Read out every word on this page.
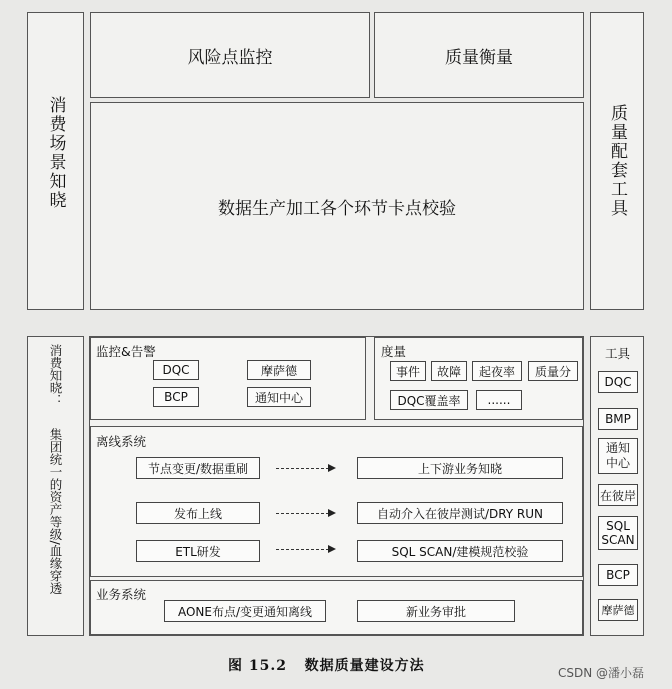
消费场景知晓
风险点监控	质量衡量
数据生产加工各个环节卡点校验	质量配套工具
消费知晓：
集团统一的资产等级/血缘穿透
监控&告警
DQC	摩萨德
BCP	通知中心
度量
事件	故障	起夜率	质量分
DQC覆盖率	......
离线系统
节点变更/数据重刷	上下游业务知晓
发布上线	自动介入在彼岸测试/DRY RUN
ETL研发	SQL SCAN/建模规范校验
业务系统
AONE布点/变更通知离线	新业务审批
工具
DQC
BMP
通知中心
在彼岸
SQL SCAN
BCP
摩萨德
图 15.2   数据质量建设方法	CSDN @潘小磊
